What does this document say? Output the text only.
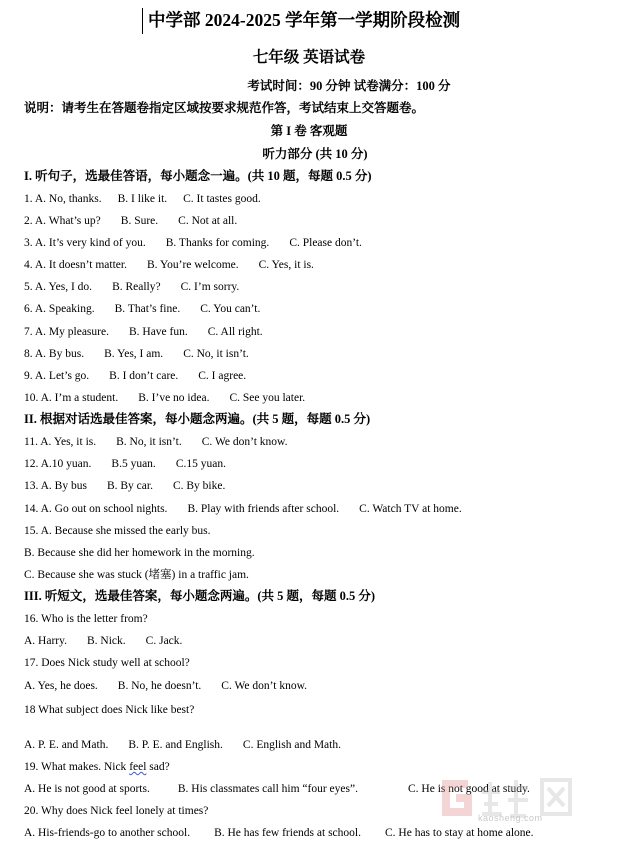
中学部 2024-2025 学年第一学期阶段检测
七年级 英语试卷
考试时间：90 分钟 试卷满分：100 分
说明：请考生在答题卷指定区域按要求规范作答，考试结束上交答题卷。
第 I 卷 客观题
听力部分 (共 10 分)
I. 听句子，选最佳答语，每小题念一遍。(共 10 题，每题 0.5 分)
1. A. No, thanks. B. I like it. C. It tastes good.
2. A. What’s up? B. Sure. C. Not at all.
3. A. It’s very kind of you. B. Thanks for coming. C. Please don’t.
4. A. It doesn’t matter. B. You’re welcome. C. Yes, it is.
5. A. Yes, I do. B. Really? C. I’m sorry.
6. A. Speaking. B. That’s fine. C. You can’t.
7. A. My pleasure. B. Have fun. C. All right.
8. A. By bus. B. Yes, I am. C. No, it isn’t.
9. A. Let’s go. B. I don’t care. C. I agree.
10. A. I’m a student. B. I’ve no idea. C. See you later.
II. 根据对话选最佳答案，每小题念两遍。(共 5 题，每题 0.5 分)
11. A. Yes, it is. B. No, it isn’t. C. We don’t know.
12. A.10 yuan. B.5 yuan. C.15 yuan.
13. A. By bus B. By car. C. By bike.
14. A. Go out on school nights. B. Play with friends after school. C. Watch TV at home.
15. A. Because she missed the early bus.
B. Because she did her homework in the morning.
C. Because she was stuck (堵塞) in a traffic jam.
III. 听短文，选最佳答案，每小题念两遍。(共 5 题，每题 0.5 分)
16. Who is the letter from?
A. Harry. B. Nick. C. Jack.
17. Does Nick study well at school?
A. Yes, he does. B. No, he doesn’t. C. We don’t know.
18 What subject does Nick like best?
A. P. E. and Math. B. P. E. and English. C. English and Math.
19. What makes. Nick feel sad?
A. He is not good at sports. B. His classmates call him “four eyes”.	C. He is not good at study.
20. Why does Nick feel lonely at times?
A. His-friends-go to another school. B. He has few friends at school. C. He has to stay at home alone.
kaosheng.com
